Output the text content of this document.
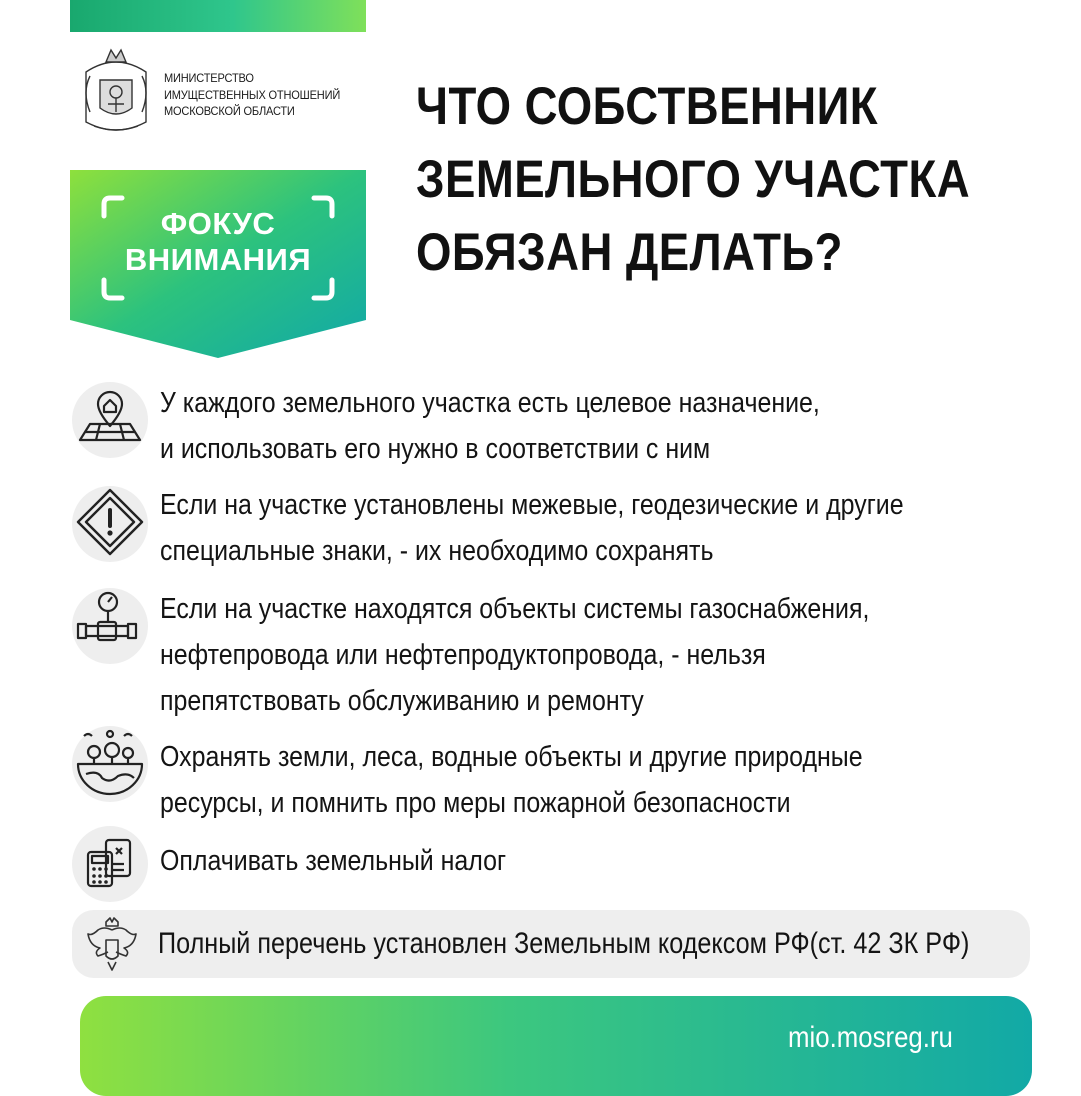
МИНИСТЕРСТВО
ИМУЩЕСТВЕННЫХ ОТНОШЕНИЙ
МОСКОВСКОЙ ОБЛАСТИ
ФОКУС
ВНИМАНИЯ
ЧТО СОБСТВЕННИК
ЗЕМЕЛЬНОГО УЧАСТКА
ОБЯЗАН ДЕЛАТЬ?
У каждого земельного участка есть целевое назначение,
и использовать его нужно в соответствии с ним
Если на участке установлены межевые, геодезические и другие
специальные знаки, - их необходимо сохранять
Если на участке находятся объекты системы газоснабжения,
нефтепровода или нефтепродуктопровода, - нельзя
препятствовать обслуживанию и ремонту
Охранять земли, леса, водные объекты и другие природные
ресурсы, и помнить про меры пожарной безопасности
Оплачивать земельный налог
Полный перечень установлен Земельным кодексом РФ(ст. 42 ЗК РФ)
mio.mosreg.ru
